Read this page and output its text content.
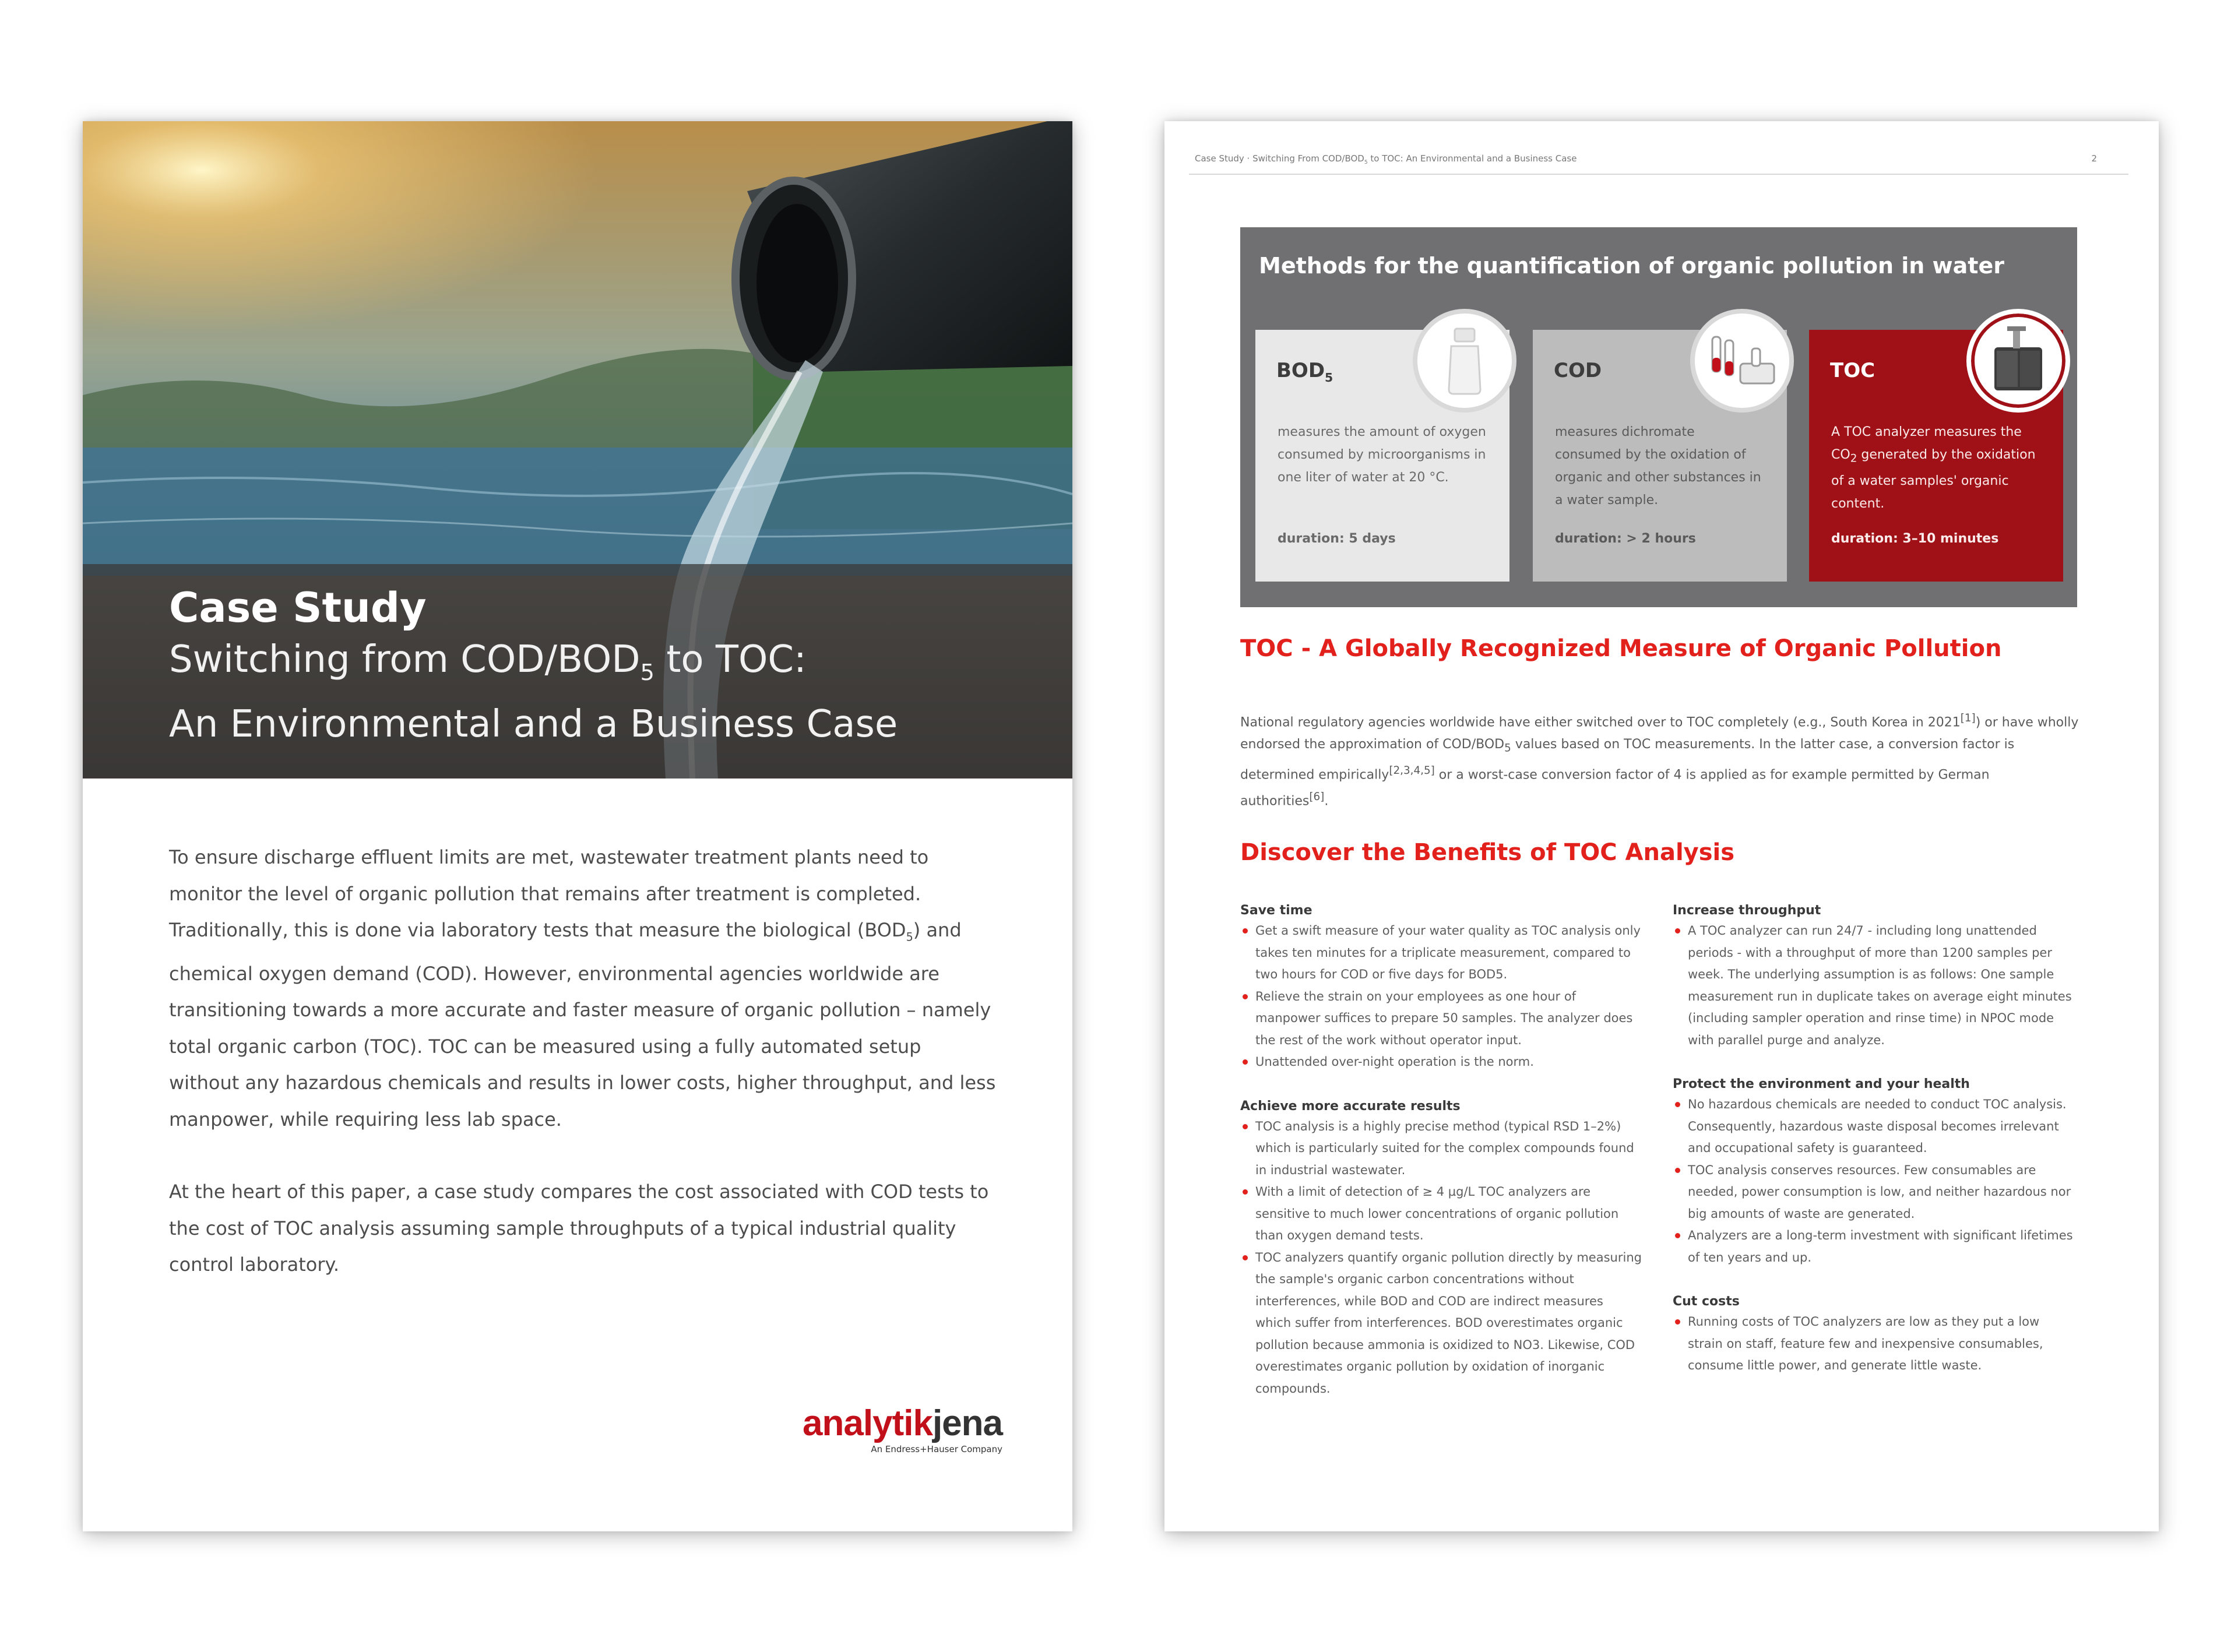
Case Study
Switching from COD/$BOD_5$ to TOC:
An Environmental and a Business Case

To ensure discharge effluent limits are met, wastewater treatment plants need to monitor the level of organic pollution that remains after treatment is completed. Traditionally, this is done via laboratory tests that measure the biological $(BOD_5)$ and chemical oxygen demand (COD). However, environmental agencies worldwide are transitioning towards a more accurate and faster measure of organic pollution – namely total organic carbon (TOC). TOC can be measured using a fully automated setup without any hazardous chemicals and results in lower costs, higher throughput, and less manpower, while requiring less lab space.

At the heart of this paper, a case study compares the cost associated with COD tests to the cost of TOC analysis assuming sample throughputs of a typical industrial quality control laboratory.

analytikjena
An Endress+Hauser Company
Case Study · Switching From COD/$BOD_5$ to TOC: An Environmental and a Business Case	2
Methods for the quantification of organic pollution in water
$BOD_5$
measures the amount of oxygen consumed by microorganisms in one liter of water at 20 °C.
duration: 5 days
COD
measures dichromate consumed by the oxidation of organic and other substances in a water sample.
duration: > 2 hours
TOC
A TOC analyzer measures the $CO_2$ generated by the oxidation of a water samples' organic content.
duration: 3–10 minutes
TOC - A Globally Recognized Measure of Organic Pollution
National regulatory agencies worldwide have either switched over to TOC completely (e.g., South Korea in 2021[1]) or have wholly endorsed the approximation of COD/$BOD_5$ values based on TOC measurements. In the latter case, a conversion factor is determined empirically[2,3,4,5] or a worst-case conversion factor of 4 is applied as for example permitted by German authorities[6].
Discover the Benefits of TOC Analysis
Save time
Get a swift measure of your water quality as TOC analysis only takes ten minutes for a triplicate measurement, compared to two hours for COD or five days for BOD5.
Relieve the strain on your employees as one hour of manpower suffices to prepare 50 samples. The analyzer does the rest of the work without operator input.
Unattended over-night operation is the norm.
Achieve more accurate results
TOC analysis is a highly precise method (typical RSD 1–2%) which is particularly suited for the complex compounds found in industrial wastewater.
With a limit of detection of ≥ 4 µg/L TOC analyzers are sensitive to much lower concentrations of organic pollution than oxygen demand tests.
TOC analyzers quantify organic pollution directly by measuring the sample's organic carbon concentrations without interferences, while BOD and COD are indirect measures which suffer from interferences. BOD overestimates organic pollution because ammonia is oxidized to NO3. Likewise, COD overestimates organic pollution by oxidation of inorganic compounds.
Increase throughput
A TOC analyzer can run 24/7 - including long unattended periods - with a throughput of more than 1200 samples per week. The underlying assumption is as follows: One sample measurement run in duplicate takes on average eight minutes (including sampler operation and rinse time) in NPOC mode with parallel purge and analyze.
Protect the environment and your health
No hazardous chemicals are needed to conduct TOC analysis. Consequently, hazardous waste disposal becomes irrelevant and occupational safety is guaranteed.
TOC analysis conserves resources. Few consumables are needed, power consumption is low, and neither hazardous nor big amounts of waste are generated.
Analyzers are a long-term investment with significant lifetimes of ten years and up.
Cut costs
Running costs of TOC analyzers are low as they put a low strain on staff, feature few and inexpensive consumables, consume little power, and generate little waste.
